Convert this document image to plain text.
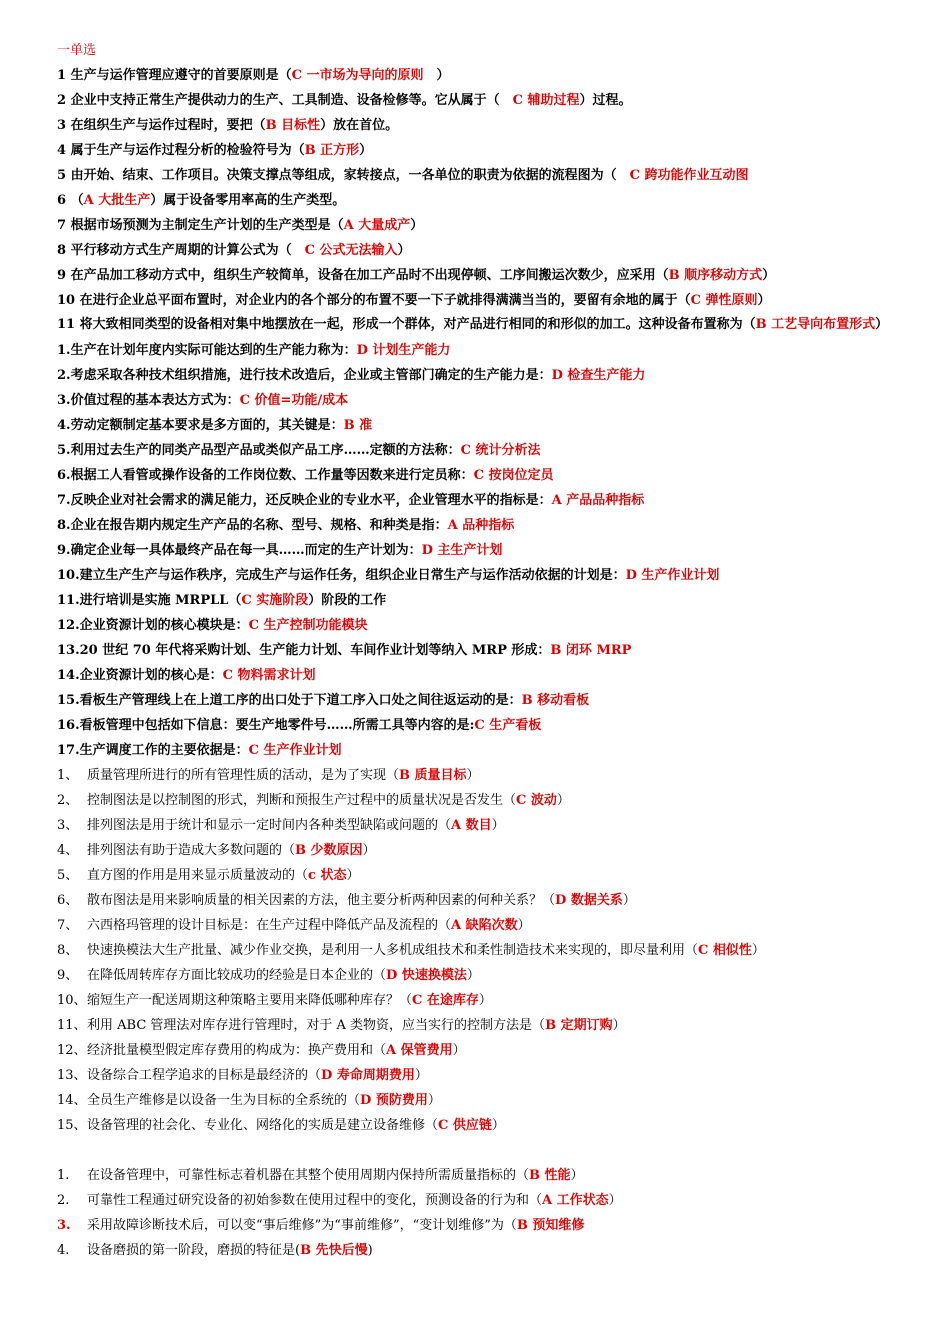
一单选
1 生产与运作管理应遵守的首要原则是（C 一市场为导向的原则　）
2 企业中支持正常生产提供动力的生产、工具制造、设备检修等。它从属于（　C 辅助过程）过程。
3 在组织生产与运作过程时，要把（B 目标性）放在首位。
4 属于生产与运作过程分析的检验符号为（B 正方形）
5 由开始、结束、工作项目。决策支撑点等组成，家转接点，一各单位的职责为依据的流程图为（　C 跨功能作业互动图
6 （A 大批生产）属于设备零用率高的生产类型。
7 根据市场预测为主制定生产计划的生产类型是（A 大量成产）
8 平行移动方式生产周期的计算公式为（　C 公式无法输入）
9 在产品加工移动方式中，组织生产较简单，设备在加工产品时不出现停顿、工序间搬运次数少，应采用（B 顺序移动方式）
10 在进行企业总平面布置时，对企业内的各个部分的布置不要一下子就排得满满当当的，要留有余地的属于（C 弹性原则）
11 将大致相同类型的设备相对集中地摆放在一起，形成一个群体，对产品进行相同的和形似的加工。这种设备布置称为（B 工艺导向布置形式）
1.生产在计划年度内实际可能达到的生产能力称为：D 计划生产能力
2.考虑采取各种技术组织措施，进行技术改造后，企业或主管部门确定的生产能力是：D 检查生产能力
3.价值过程的基本表达方式为：C 价值=功能/成本
4.劳动定额制定基本要求是多方面的，其关键是：B 准
5.利用过去生产的同类产品型产品或类似产品工序……定额的方法称：C 统计分析法
6.根据工人看管或操作设备的工作岗位数、工作量等因数来进行定员称：C 按岗位定员
7.反映企业对社会需求的满足能力，还反映企业的专业水平，企业管理水平的指标是：A 产品品种指标
8.企业在报告期内规定生产产品的名称、型号、规格、和种类是指：A 品种指标
9.确定企业每一具体最终产品在每一具……而定的生产计划为：D 主生产计划
10.建立生产生产与运作秩序，完成生产与运作任务，组织企业日常生产与运作活动依据的计划是：D 生产作业计划
11.进行培训是实施 MRPLL（C 实施阶段）阶段的工作
12.企业资源计划的核心模块是：C 生产控制功能模块
13.20 世纪 70 年代将采购计划、生产能力计划、车间作业计划等纳入 MRP 形成：B 闭环 MRP
14.企业资源计划的核心是：C 物料需求计划
15.看板生产管理线上在上道工序的出口处于下道工序入口处之间往返运动的是：B 移动看板
16.看板管理中包括如下信息：要生产地零件号……所需工具等内容的是:C 生产看板
17.生产调度工作的主要依据是：C 生产作业计划
1、 质量管理所进行的所有管理性质的活动，是为了实现（B 质量目标）
2、 控制图法是以控制图的形式，判断和预报生产过程中的质量状况是否发生（C 波动）
3、 排列图法是用于统计和显示一定时间内各种类型缺陷或问题的（A 数目）
4、 排列图法有助于造成大多数问题的（B 少数原因）
5、 直方图的作用是用来显示质量波动的（c 状态）
6、 散布图法是用来影响质量的相关因素的方法，他主要分析两种因素的何种关系？（D 数据关系）
7、 六西格玛管理的设计目标是：在生产过程中降低产品及流程的（A 缺陷次数）
8、 快速换模法大生产批量、减少作业交换，是利用一人多机成组技术和柔性制造技术来实现的，即尽量利用（C 相似性）
9、 在降低周转库存方面比较成功的经验是日本企业的（D 快速换模法）
10、缩短生产一配送周期这种策略主要用来降低哪种库存？（C 在途库存）
11、利用 ABC 管理法对库存进行管理时，对于 A 类物资，应当实行的控制方法是（B 定期订购）
12、经济批量模型假定库存费用的构成为：换产费用和（A 保管费用）
13、设备综合工程学追求的目标是最经济的（D 寿命周期费用）
14、全员生产维修是以设备一生为目标的全系统的（D 预防费用）
15、设备管理的社会化、专业化、网络化的实质是建立设备维修（C 供应链）
1. 在设备管理中，可靠性标志着机器在其整个使用周期内保持所需质量指标的（B 性能）
2. 可靠性工程通过研究设备的初始参数在使用过程中的变化，预测设备的行为和（A 工作状态）
3. 采用故障诊断技术后，可以变“事后维修”为“事前维修”，“变计划维修”为（B 预知维修
4. 设备磨损的第一阶段，磨损的特征是(B 先快后慢)
